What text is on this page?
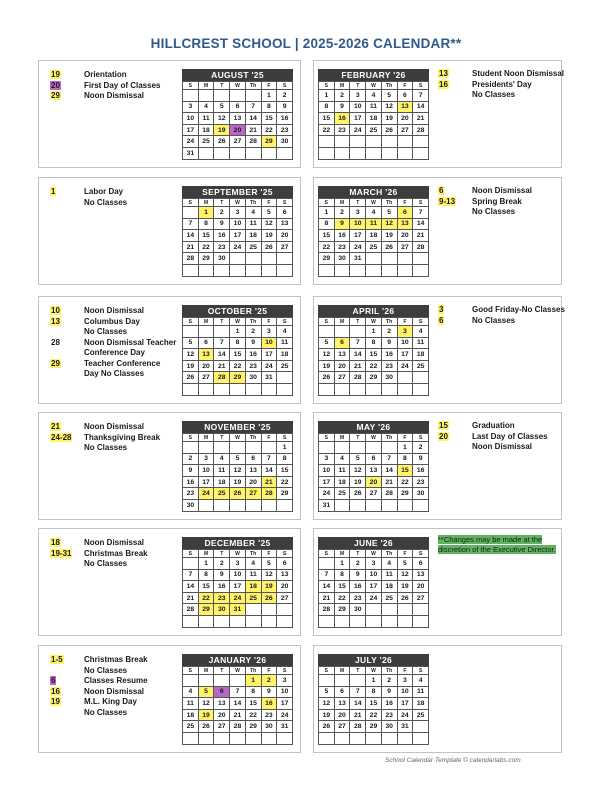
HILLCREST SCHOOL | 2025-2026 CALENDAR**
AUGUST '25
S	M	T	W	Th	F	S
					1	2
3	4	5	6	7	8	9
10	11	12	13	14	15	16
17	18	19	20	21	22	23
24	25	26	27	28	29	30
31						
FEBRUARY '26
S	M	T	W	Th	F	S
1	2	3	4	5	6	7
8	9	10	11	12	13	14
15	16	17	18	19	20	21
22	23	24	25	26	27	28

19	Orientation
20	First Day of Classes
29	Noon Dismissal
13	Student Noon Dismissal
16	Presidents' Day
No Classes
SEPTEMBER '25
S	M	T	W	Th	F	S
	1	2	3	4	5	6
7	8	9	10	11	12	13
14	15	16	17	18	19	20
21	22	23	24	25	26	27
28	29	30				

MARCH '26
S	M	T	W	Th	F	S
1	2	3	4	5	6	7
8	9	10	11	12	13	14
15	16	17	18	19	20	21
22	23	24	25	26	27	28
29	30	31				

1	Labor Day
No Classes
6	Noon Dismissal
9-13	Spring Break
No Classes
OCTOBER '25
S	M	T	W	Th	F	S
			1	2	3	4
5	6	7	8	9	10	11
12	13	14	15	16	17	18
19	20	21	22	23	24	25
26	27	28	29	30	31	

APRIL '26
S	M	T	W	Th	F	S
			1	2	3	4
5	6	7	8	9	10	11
12	13	14	15	16	17	18
19	20	21	22	23	24	25
26	27	28	29	30		

10	Noon Dismissal
13	Columbus Day
No Classes
28	Noon Dismissal Teacher
Conference Day
29	Teacher Conference
Day No Classes
3	Good Friday-No Classes
6	No Classes
NOVEMBER '25
S	M	T	W	Th	F	S
						1
2	3	4	5	6	7	8
9	10	11	12	13	14	15
16	17	18	19	20	21	22
23	24	25	26	27	28	29
30						
MAY '26
S	M	T	W	Th	F	S
					1	2
3	4	5	6	7	8	9
10	11	12	13	14	15	16
17	18	19	20	21	22	23
24	25	26	27	28	29	30
31						
21	Noon Dismissal
24-28	Thanksgiving Break
No Classes
15	Graduation
20	Last Day of Classes
Noon Dismissal
DECEMBER '25
S	M	T	W	Th	F	S
	1	2	3	4	5	6
7	8	9	10	11	12	13
14	15	16	17	18	19	20
21	22	23	24	25	26	27
28	29	30	31			

JUNE '26
S	M	T	W	Th	F	S
	1	2	3	4	5	6
7	8	9	10	11	12	13
14	15	16	17	18	19	20
21	22	23	24	25	26	27
28	29	30				

18	Noon Dismissal
19-31	Christmas Break
No Classes
JANUARY '26
S	M	T	W	Th	F	S
				1	2	3
4	5	6	7	8	9	10
11	12	13	14	15	16	17
18	19	20	21	22	23	24
25	26	27	28	29	30	31

JULY '26
S	M	T	W	Th	F	S
			1	2	3	4
5	6	7	8	9	10	11
12	13	14	15	16	17	18
19	20	21	22	23	24	25
26	27	28	29	30	31	

1-5	Christmas Break
No Classes
6	Classes Resume
16	Noon Dismissal
19	M.L. King Day
No Classes
**Changes may be made at the discretion of the Executive Director.
School Calendar Template © calendarlabs.com
